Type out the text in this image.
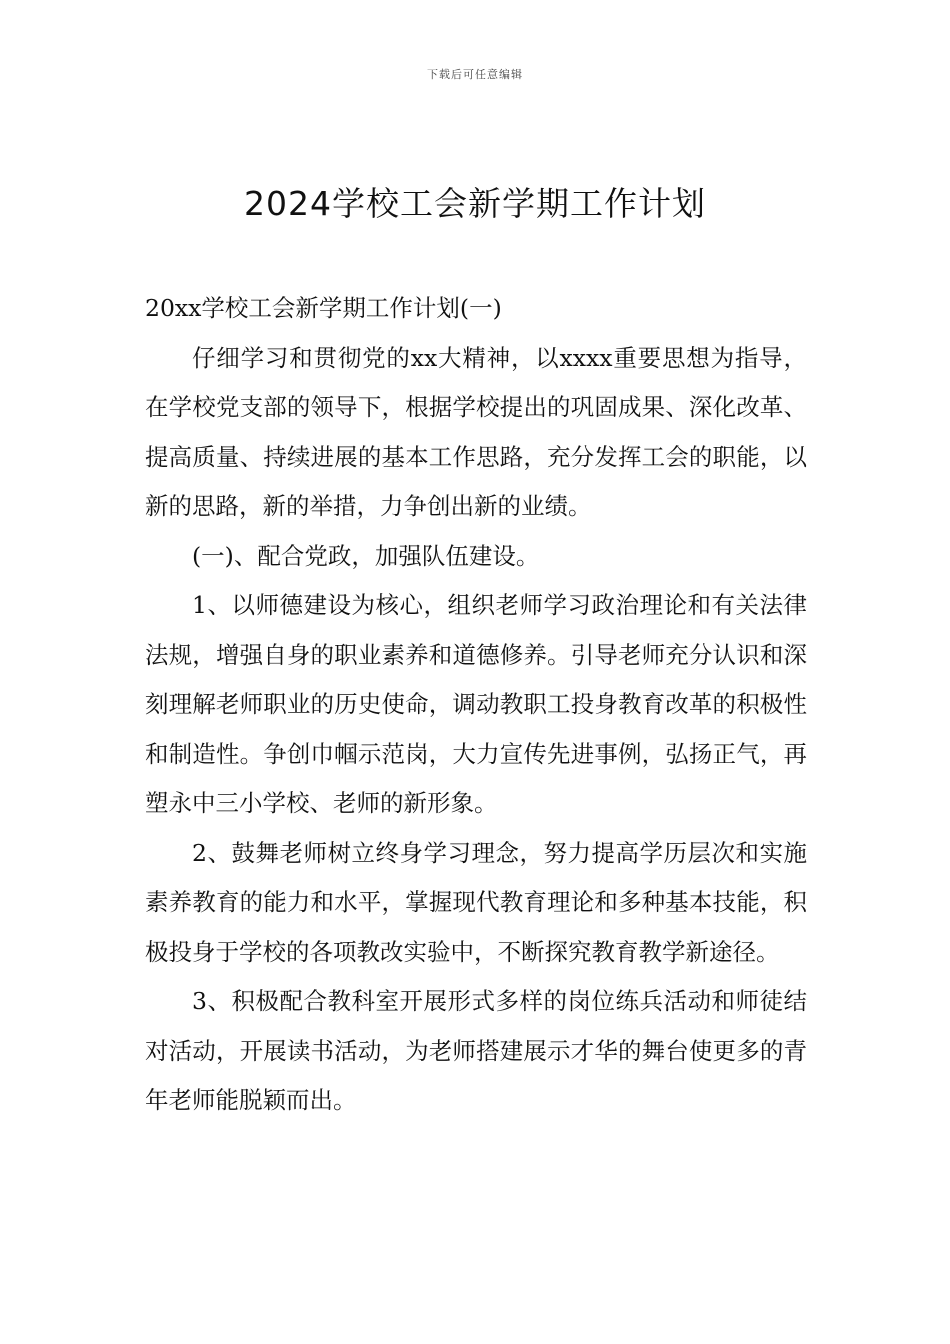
下载后可任意编辑
2024学校工会新学期工作计划

20xx学校工会新学期工作计划(一)

仔细学习和贯彻党的xx大精神，以xxxx重要思想为指导，在学校党支部的领导下，根据学校提出的巩固成果、深化改革、提高质量、持续进展的基本工作思路，充分发挥工会的职能，以新的思路，新的举措，力争创出新的业绩。

(一)、配合党政，加强队伍建设。

1、以师德建设为核心，组织老师学习政治理论和有关法律法规，增强自身的职业素养和道德修养。引导老师充分认识和深刻理解老师职业的历史使命，调动教职工投身教育改革的积极性和制造性。争创巾帼示范岗，大力宣传先进事例，弘扬正气，再塑永中三小学校、老师的新形象。

2、鼓舞老师树立终身学习理念，努力提高学历层次和实施素养教育的能力和水平，掌握现代教育理论和多种基本技能，积极投身于学校的各项教改实验中，不断探究教育教学新途径。

3、积极配合教科室开展形式多样的岗位练兵活动和师徒结对活动，开展读书活动，为老师搭建展示才华的舞台使更多的青年老师能脱颖而出。
